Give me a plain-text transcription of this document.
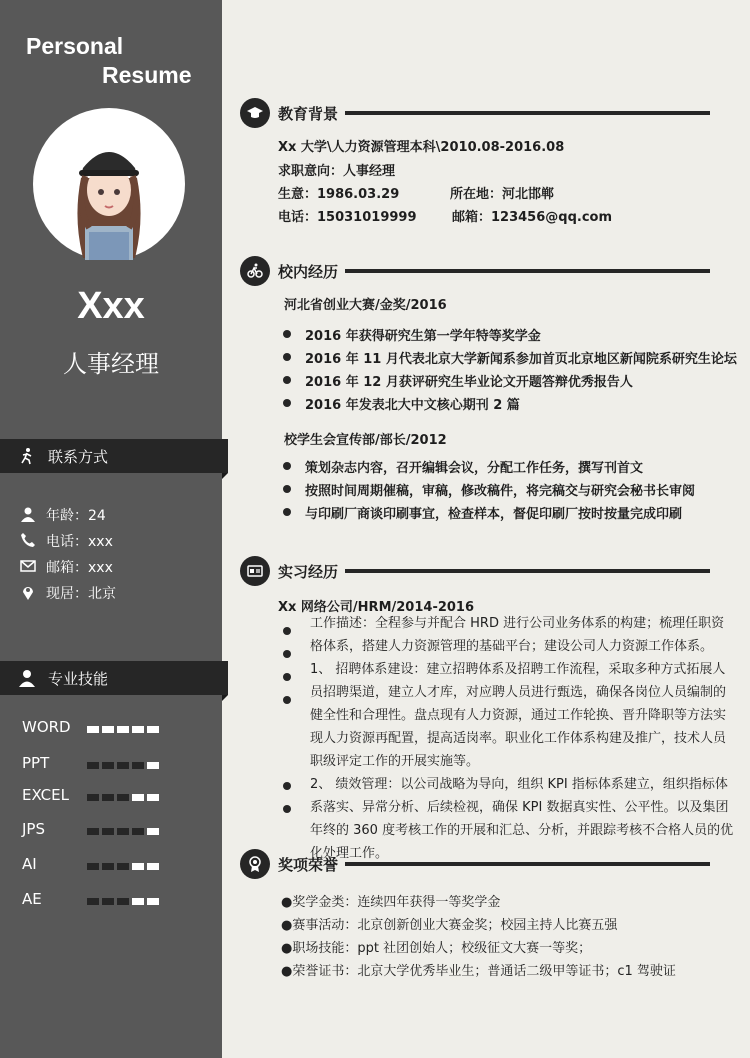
Personal
Resume
Xxx
人事经理
联系方式
年龄：24
电话：xxx
邮箱：xxx
现居：北京
专业技能
WORD
PPT
EXCEL
JPS
AI
AE
教育背景
Xx 大学\人力资源管理本科\2010.08-2016.08
求职意向：人事经理
生意：1986.03.29	所在地：河北邯郸
电话：15031019999	邮箱：123456@qq.com
校内经历
河北省创业大赛/金奖/2016
2016 年获得研究生第一学年特等奖学金
2016 年 11 月代表北京大学新闻系参加首页北京地区新闻院系研究生论坛
2016 年 12 月获评研究生毕业论文开题答辩优秀报告人
2016 年发表北大中文核心期刊 2 篇
校学生会宣传部/部长/2012
策划杂志内容，召开编辑会议，分配工作任务，撰写刊首文
按照时间周期催稿，审稿，修改稿件，将完稿交与研究会秘书长审阅
与印刷厂商谈印刷事宜，检查样本，督促印刷厂按时按量完成印刷
实习经历
Xx 网络公司/HRM/2014-2016
工作描述：全程参与并配合 HRD 进行公司业务体系的构建；梳理任职资
格体系，搭建人力资源管理的基础平台；建设公司人力资源工作体系。
1、 招聘体系建设：建立招聘体系及招聘工作流程，采取多种方式拓展人
员招聘渠道，建立人才库，对应聘人员进行甄选，确保各岗位人员编制的
健全性和合理性。盘点现有人力资源，通过工作轮换、晋升降职等方法实
现人力资源再配置，提高适岗率。职业化工作体系构建及推广，技术人员
职级评定工作的开展实施等。
2、 绩效管理：以公司战略为导向，组织 KPI 指标体系建立，组织指标体
系落实、异常分析、后续检视，确保 KPI 数据真实性、公平性。以及集团
年终的 360 度考核工作的开展和汇总、分析，并跟踪考核不合格人员的优
化处理工作。
奖项荣誉
●奖学金类：连续四年获得一等奖学金
●赛事活动：北京创新创业大赛金奖；校园主持人比赛五强
●职场技能：ppt 社团创始人；校级征文大赛一等奖；
●荣誉证书：北京大学优秀毕业生；普通话二级甲等证书；c1 驾驶证
